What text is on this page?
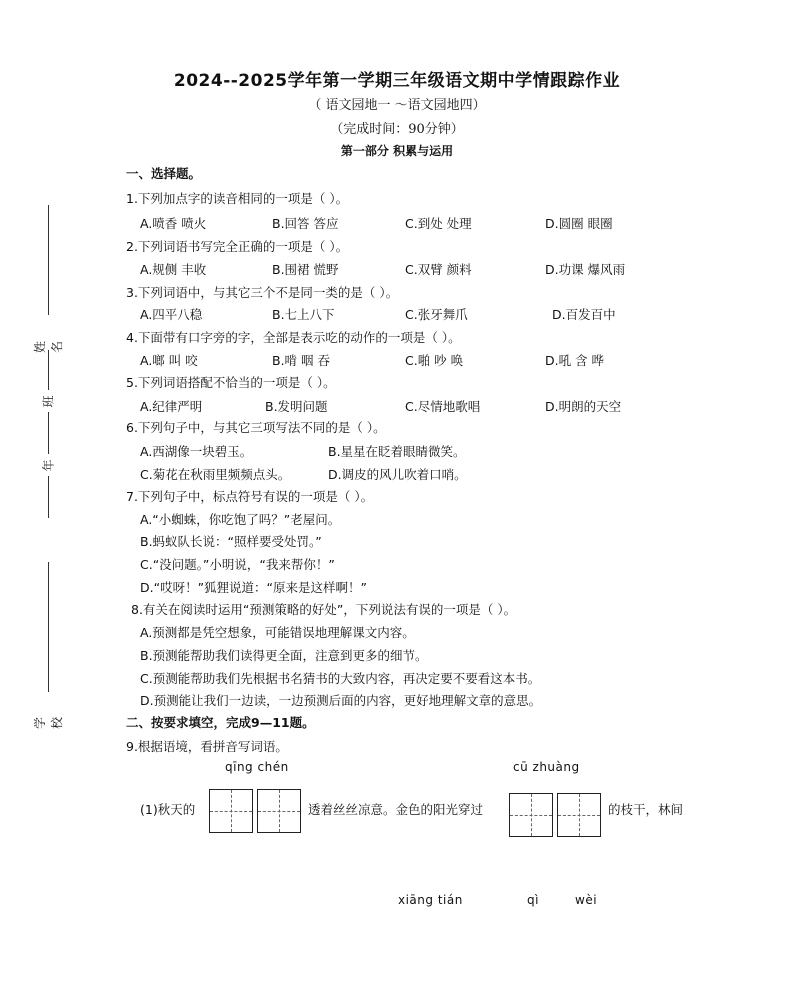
2024--2025学年第一学期三年级语文期中学情跟踪作业
（ 语文园地一 ～语文园地四）
（完成时间：90分钟）
第一部分 积累与运用
姓名
班
年
学校
一、选择题。
1.下列加点字的读音相同的一项是（ ）。
A.喷香 喷火	B.回答 答应	C.到处 处理	D.圆圈 眼圈
2.下列词语书写完全正确的一项是（ ）。
A.规侧 丰收	B.围裙 慌野	C.双臂 颜料	D.功课 爆风雨
3.下列词语中，与其它三个不是同一类的是（ ）。
A.四平八稳	B.七上八下	C.张牙舞爪	D.百发百中
4.下面带有口字旁的字，全部是表示吃的动作的一项是（ ）。
A.啷 叫 咬	B.啃 咽 吞	C.啪 吵 唤	D.吼 含 哗
5.下列词语搭配不恰当的一项是（ ）。
A.纪律严明	B.发明问题	C.尽情地歌唱	D.明朗的天空
6.下列句子中，与其它三项写法不同的是（ ）。
A.西湖像一块碧玉。	B.星星在眨着眼睛微笑。
C.菊花在秋雨里频频点头。	D.调皮的风儿吹着口哨。
7.下列句子中，标点符号有误的一项是（ ）。
A.“小蜘蛛，你吃饱了吗？”老屋问。
B.蚂蚁队长说：“照样要受处罚。”
C.“没问题。”小明说，“我来帮你！”
D.“哎呀！”狐狸说道：“原来是这样啊！”
8.有关在阅读时运用“预测策略的好处”，下列说法有误的一项是（ ）。
A.预测都是凭空想象，可能错误地理解课文内容。
B.预测能帮助我们读得更全面，注意到更多的细节。
C.预测能帮助我们先根据书名猜书的大致内容，再决定要不要看这本书。
D.预测能让我们一边读，一边预测后面的内容，更好地理解文章的意思。
二、按要求填空，完成9—11题。
9.根据语境，看拼音写词语。
qīng chén	cū zhuàng
(1)秋天的	透着丝丝凉意。金色的阳光穿过	的枝干，林间
xiāng tián	qì	wèi
